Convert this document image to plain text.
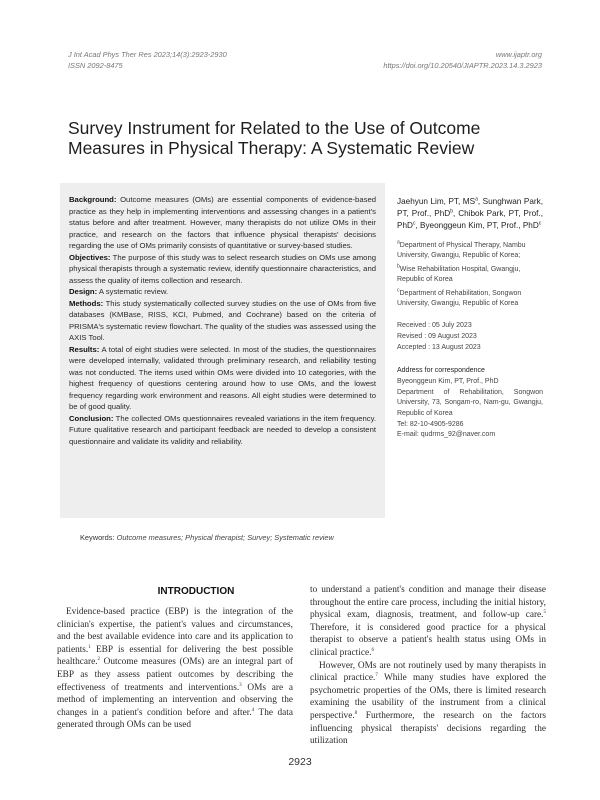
J Int Acad Phys Ther Res 2023;14(3):2923-2930
ISSN 2092-8475
www.ijaptr.org
https://doi.org/10.20540/JIAPTR.2023.14.3.2923
Survey Instrument for Related to the Use of Outcome Measures in Physical Therapy: A Systematic Review

Background: Outcome measures (OMs) are essential components of evidence-based practice as they help in implementing interventions and assessing changes in a patient's status before and after treatment. However, many therapists do not utilize OMs in their practice, and research on the factors that influence physical therapists' decisions regarding the use of OMs primarily consists of quantitative or survey-based studies.

Objectives: The purpose of this study was to select research studies on OMs use among physical therapists through a systematic review, identify questionnaire characteristics, and assess the quality of items collection and research.

Design: A systematic review.

Methods: This study systematically collected survey studies on the use of OMs from five databases (KMBase, RISS, KCI, Pubmed, and Cochrane) based on the criteria of PRISMA's systematic review flowchart. The quality of the studies was assessed using the AXIS Tool.

Results: A total of eight studies were selected. In most of the studies, the questionnaires were developed internally, validated through preliminary research, and reliability testing was not conducted. The items used within OMs were divided into 10 categories, with the highest frequency of questions centering around how to use OMs, and the lowest frequency regarding work environment and reasons. All eight studies were determined to be of good quality.

Conclusion: The collected OMs questionnaires revealed variations in the item frequency. Future qualitative research and participant feedback are needed to develop a consistent questionnaire and validate its validity and reliability.

Jaehyun Lim, PT, $MS^a$, Sunghwan Park, PT, Prof., PhD$^b$, Chibok Park, PT, Prof., PhD$^c$, Byeonggeun Kim, PT, Prof., PhD$^c$

$^a$Department of Physical Therapy, Nambu University, Gwangju, Republic of Korea;

$^b$Wise Rehabilitation Hospital, Gwangju, Republic of Korea

$^c$Department of Rehabilitation, Songwon University, Gwangju, Republic of Korea

Received : 05 July 2023
Revised : 09 August 2023
Accepted : 13 August 2023
Address for correspondence
Byeonggeun Kim, PT, Prof., PhD
Department of Rehabilitation, Songwon University, 73, Songam-ro, Nam-gu, Gwangju, Republic of Korea
Tel: 82-10-4905-9286
E-mail: qudrms_92@naver.com
Keywords: Outcome measures; Physical therapist; Survey; Systematic review
INTRODUCTION

Evidence-based practice (EBP) is the integration of the clinician's expertise, the patient's values and circumstances, and the best available evidence into care and its application to patients.$^1$ EBP is essential for delivering the best possible healthcare.$^2$ Outcome measures (OMs) are an integral part of EBP as they assess patient outcomes by describing the effectiveness of treatments and interventions.$^3$ OMs are a method of implementing an intervention and observing the changes in a patient's condition before and after.$^4$ The data generated through OMs can be used

to understand a patient's condition and manage their disease throughout the entire care process, including the initial history, physical exam, diagnosis, treatment, and follow-up care.$^5$ Therefore, it is considered good practice for a physical therapist to observe a patient's health status using OMs in clinical practice.$^6$

However, OMs are not routinely used by many therapists in clinical practice.$^7$ While many studies have explored the psychometric properties of the OMs, there is limited research examining the usability of the instrument from a clinical perspective.$^8$ Furthermore, the research on the factors influencing physical therapists' decisions regarding the utilization

2923
